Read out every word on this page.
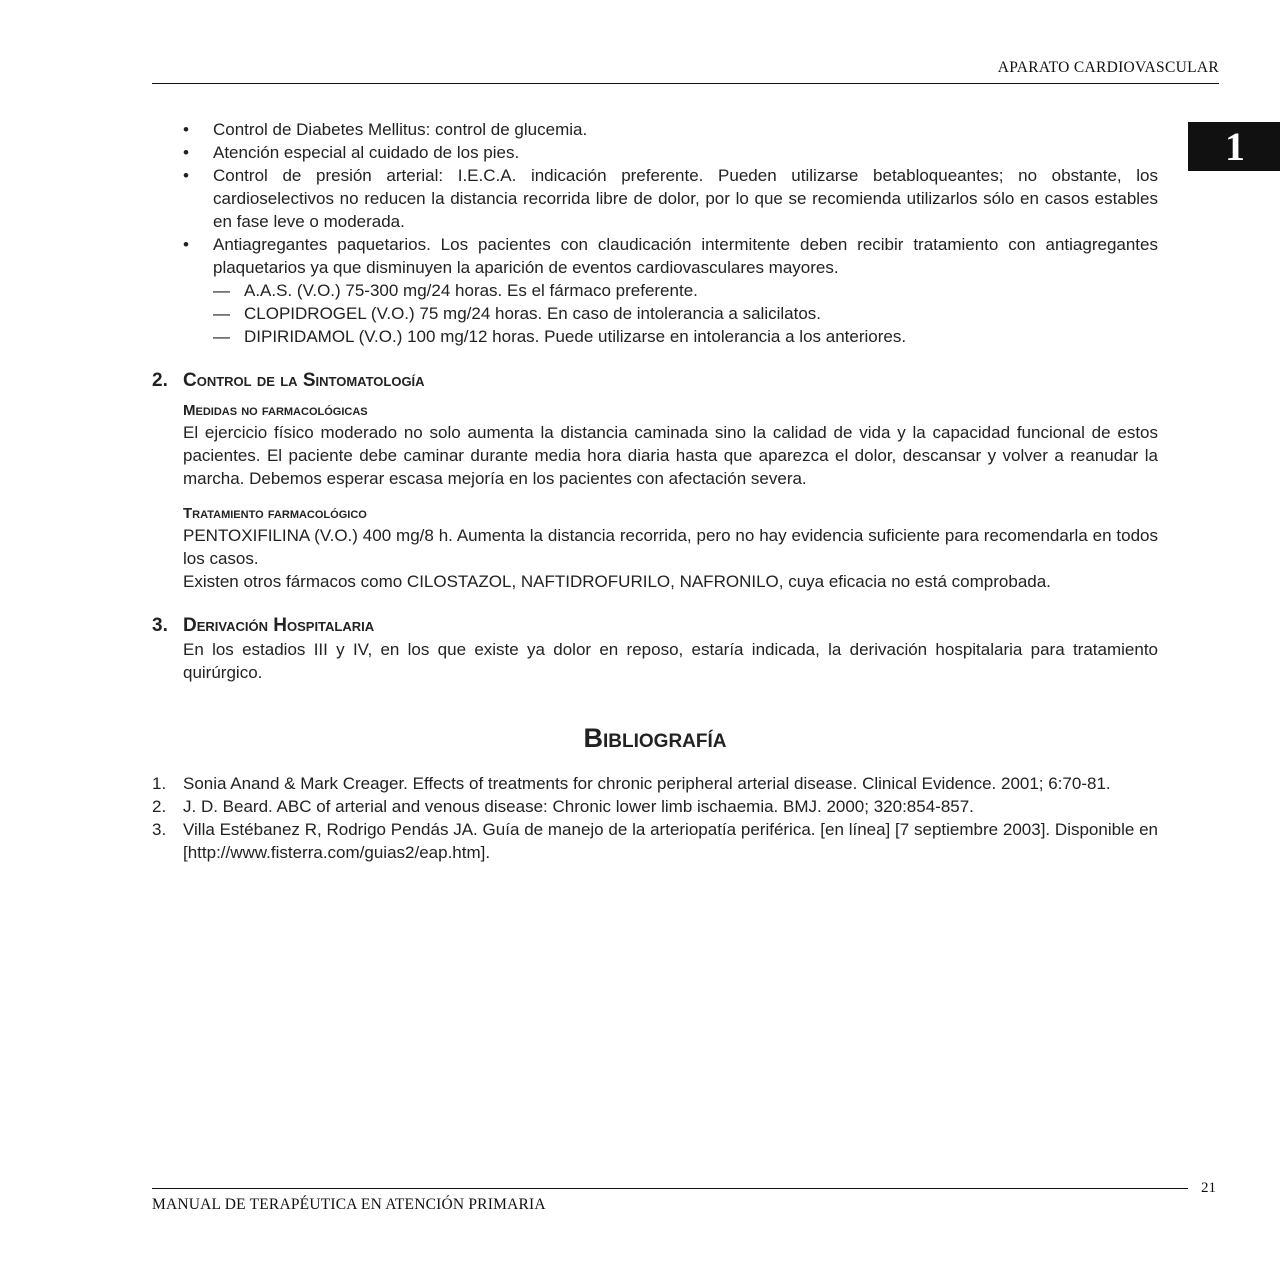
APARATO CARDIOVASCULAR
1
• Control de Diabetes Mellitus: control de glucemia.
• Atención especial al cuidado de los pies.
• Control de presión arterial: I.E.C.A. indicación preferente. Pueden utilizarse betabloqueantes; no obstante, los cardioselectivos no reducen la distancia recorrida libre de dolor, por lo que se recomienda utilizarlos sólo en casos estables en fase leve o moderada.
• Antiagregantes paquetarios. Los pacientes con claudicación intermitente deben recibir tratamiento con antiagregantes plaquetarios ya que disminuyen la aparición de eventos cardiovasculares mayores.
— A.A.S. (V.O.) 75-300 mg/24 horas. Es el fármaco preferente.
— CLOPIDROGEL (V.O.) 75 mg/24 horas. En caso de intolerancia a salicilatos.
— DIPIRIDAMOL (V.O.) 100 mg/12 horas. Puede utilizarse en intolerancia a los anteriores.
2. Control de la Sintomatología
Medidas no farmacológicas

El ejercicio físico moderado no solo aumenta la distancia caminada sino la calidad de vida y la capacidad funcional de estos pacientes. El paciente debe caminar durante media hora diaria hasta que aparezca el dolor, descansar y volver a reanudar la marcha. Debemos esperar escasa mejoría en los pacientes con afectación severa.

Tratamiento farmacológico

PENTOXIFILINA (V.O.) 400 mg/8 h. Aumenta la distancia recorrida, pero no hay evidencia suficiente para recomendarla en todos los casos.

Existen otros fármacos como CILOSTAZOL, NAFTIDROFURILO, NAFRONILO, cuya eficacia no está comprobada.

3. Derivación Hospitalaria

En los estadios III y IV, en los que existe ya dolor en reposo, estaría indicada, la derivación hospitalaria para tratamiento quirúrgico.

Bibliografía
1. Sonia Anand & Mark Creager. Effects of treatments for chronic peripheral arterial disease. Clinical Evidence. 2001; 6:70-81.
2. J. D. Beard. ABC of arterial and venous disease: Chronic lower limb ischaemia. BMJ. 2000; 320:854-857.
3. Villa Estébanez R, Rodrigo Pendás JA. Guía de manejo de la arteriopatía periférica. [en línea] [7 septiembre 2003]. Disponible en [http://www.fisterra.com/guias2/eap.htm].
MANUAL DE TERAPÉUTICA EN ATENCIÓN PRIMARIA
21
